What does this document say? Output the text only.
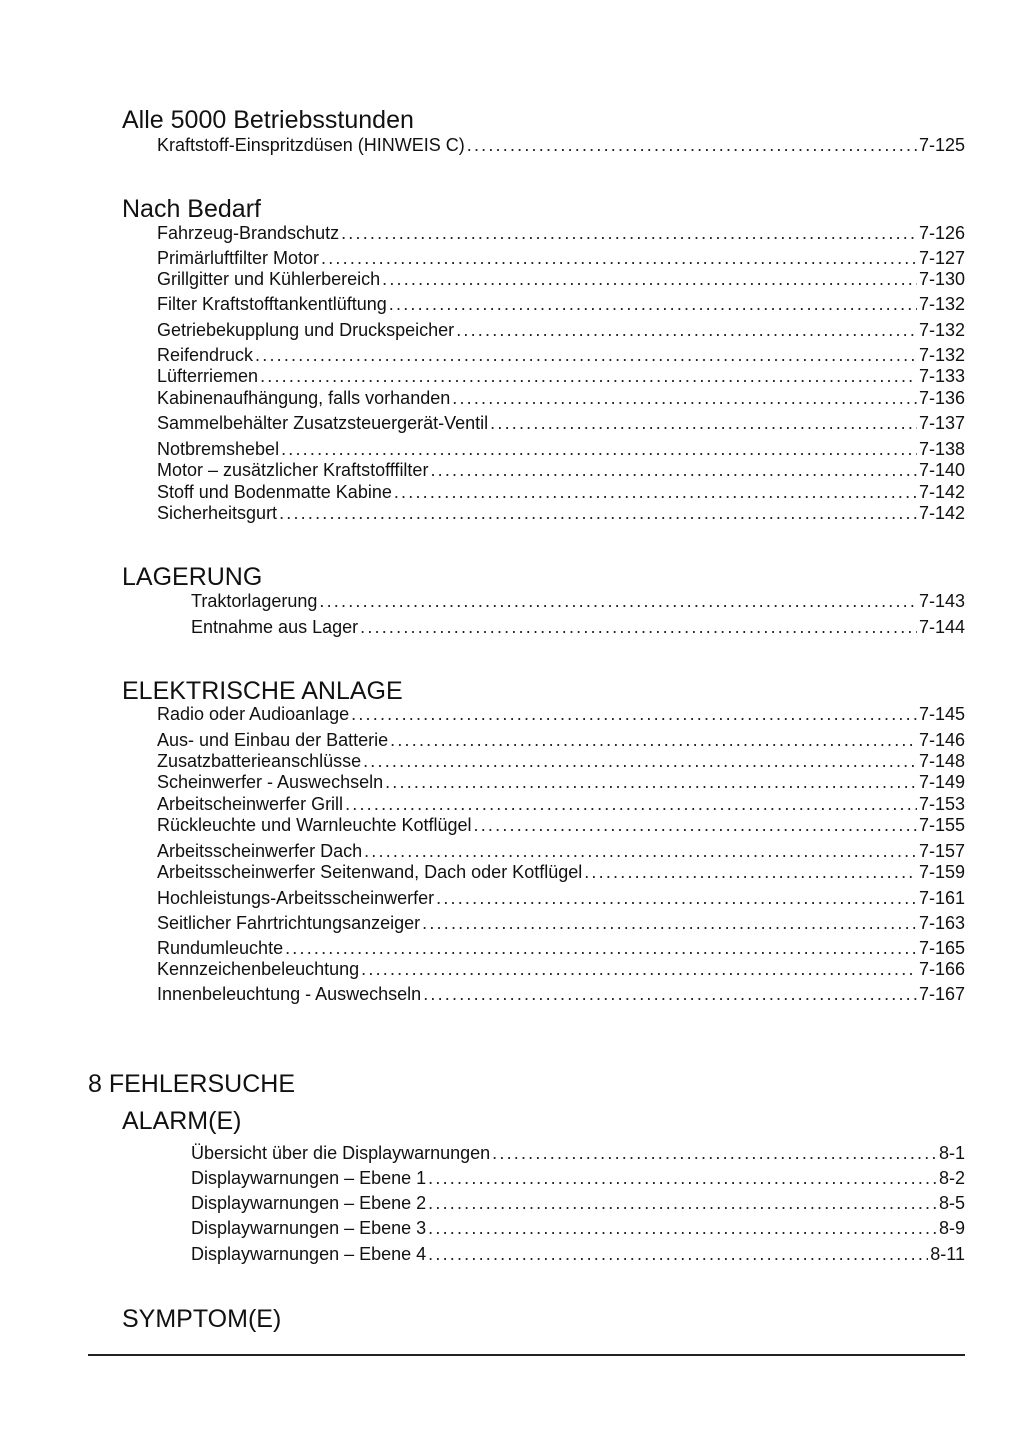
Alle 5000 Betriebsstunden
Kraftstoff-Einspritzdüsen (HINWEIS C) .....	7-125
Nach Bedarf
Fahrzeug-Brandschutz .....	7-126
Primärluftfilter Motor .....	7-127
Grillgitter und Kühlerbereich .....	7-130
Filter Kraftstofftankentlüftung .....	7-132
Getriebekupplung und Druckspeicher .....	7-132
Reifendruck .....	7-132
Lüfterriemen .....	7-133
Kabinenaufhängung, falls vorhanden .....	7-136
Sammelbehälter Zusatzsteuergerät-Ventil .....	7-137
Notbremshebel .....	7-138
Motor – zusätzlicher Kraftstofffilter .....	7-140
Stoff und Bodenmatte Kabine .....	7-142
Sicherheitsgurt .....	7-142
LAGERUNG
Traktorlagerung .....	7-143
Entnahme aus Lager .....	7-144
ELEKTRISCHE ANLAGE
Radio oder Audioanlage .....	7-145
Aus- und Einbau der Batterie .....	7-146
Zusatzbatterieanschlüsse .....	7-148
Scheinwerfer - Auswechseln .....	7-149
Arbeitscheinwerfer Grill .....	7-153
Rückleuchte und Warnleuchte Kotflügel .....	7-155
Arbeitsscheinwerfer Dach .....	7-157
Arbeitsscheinwerfer Seitenwand, Dach oder Kotflügel .....	7-159
Hochleistungs-Arbeitsscheinwerfer .....	7-161
Seitlicher Fahrtrichtungsanzeiger .....	7-163
Rundumleuchte .....	7-165
Kennzeichenbeleuchtung .....	7-166
Innenbeleuchtung - Auswechseln .....	7-167
8 FEHLERSUCHE
ALARM(E)
Übersicht über die Displaywarnungen .....	8-1
Displaywarnungen – Ebene 1 .....	8-2
Displaywarnungen – Ebene 2 .....	8-5
Displaywarnungen – Ebene 3 .....	8-9
Displaywarnungen – Ebene 4 .....	8-11
SYMPTOM(E)
